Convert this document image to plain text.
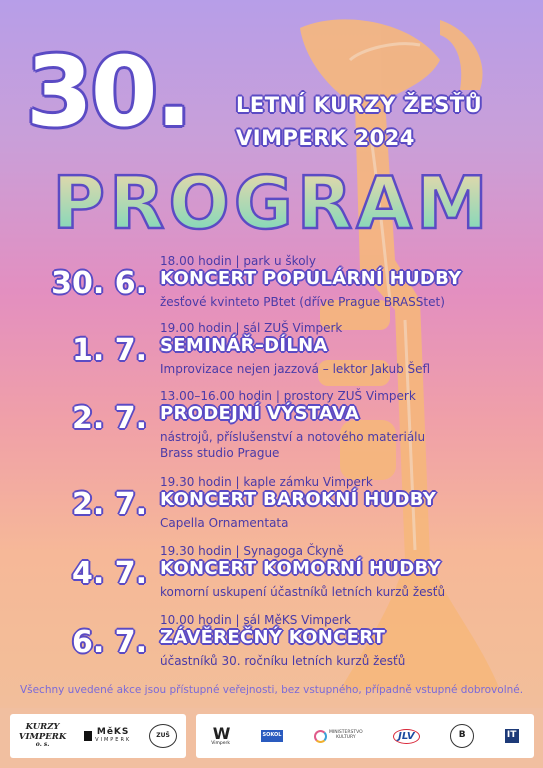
30. LETNÍ KURZY ŽESŤŮ
VIMPERK 2024
PROGRAM
30. 6.
18.00 hodin | park u školy
KONCERT POPULÁRNÍ HUDBY
žesťové kvinteto PBtet (dříve Prague BRASStet)
1. 7.
19.00 hodin | sál ZUŠ Vimperk
SEMINÁŘ–DÍLNA
Improvizace nejen jazzová – lektor Jakub Šefl
2. 7.
13.00–16.00 hodin | prostory ZUŠ Vimperk
PRODEJNÍ VÝSTAVA
nástrojů, příslušenství a notového materiálu
Brass studio Prague
2. 7.
19.30 hodin | kaple zámku Vimperk
KONCERT BAROKNÍ HUDBY
Capella Ornamentata
4. 7.
19.30 hodin | Synagoga Čkyně
KONCERT KOMORNÍ HUDBY
komorní uskupení účastníků letních kurzů žesťů
6. 7.
10.00 hodin | sál MěKS Vimperk
ZÁVĚREČNÝ KONCERT
účastníků 30. ročníku letních kurzů žesťů
Všechny uvedené akce jsou přístupné veřejnosti, bez vstupného, případně vstupné dobrovolné.
KURZY
VIMPERK
o. s.
MěKS
VIMPERK
ZUŠ	W
Vimperk
SOKOL	MINISTERSTVO
KULTURY	JLV	B	IT
